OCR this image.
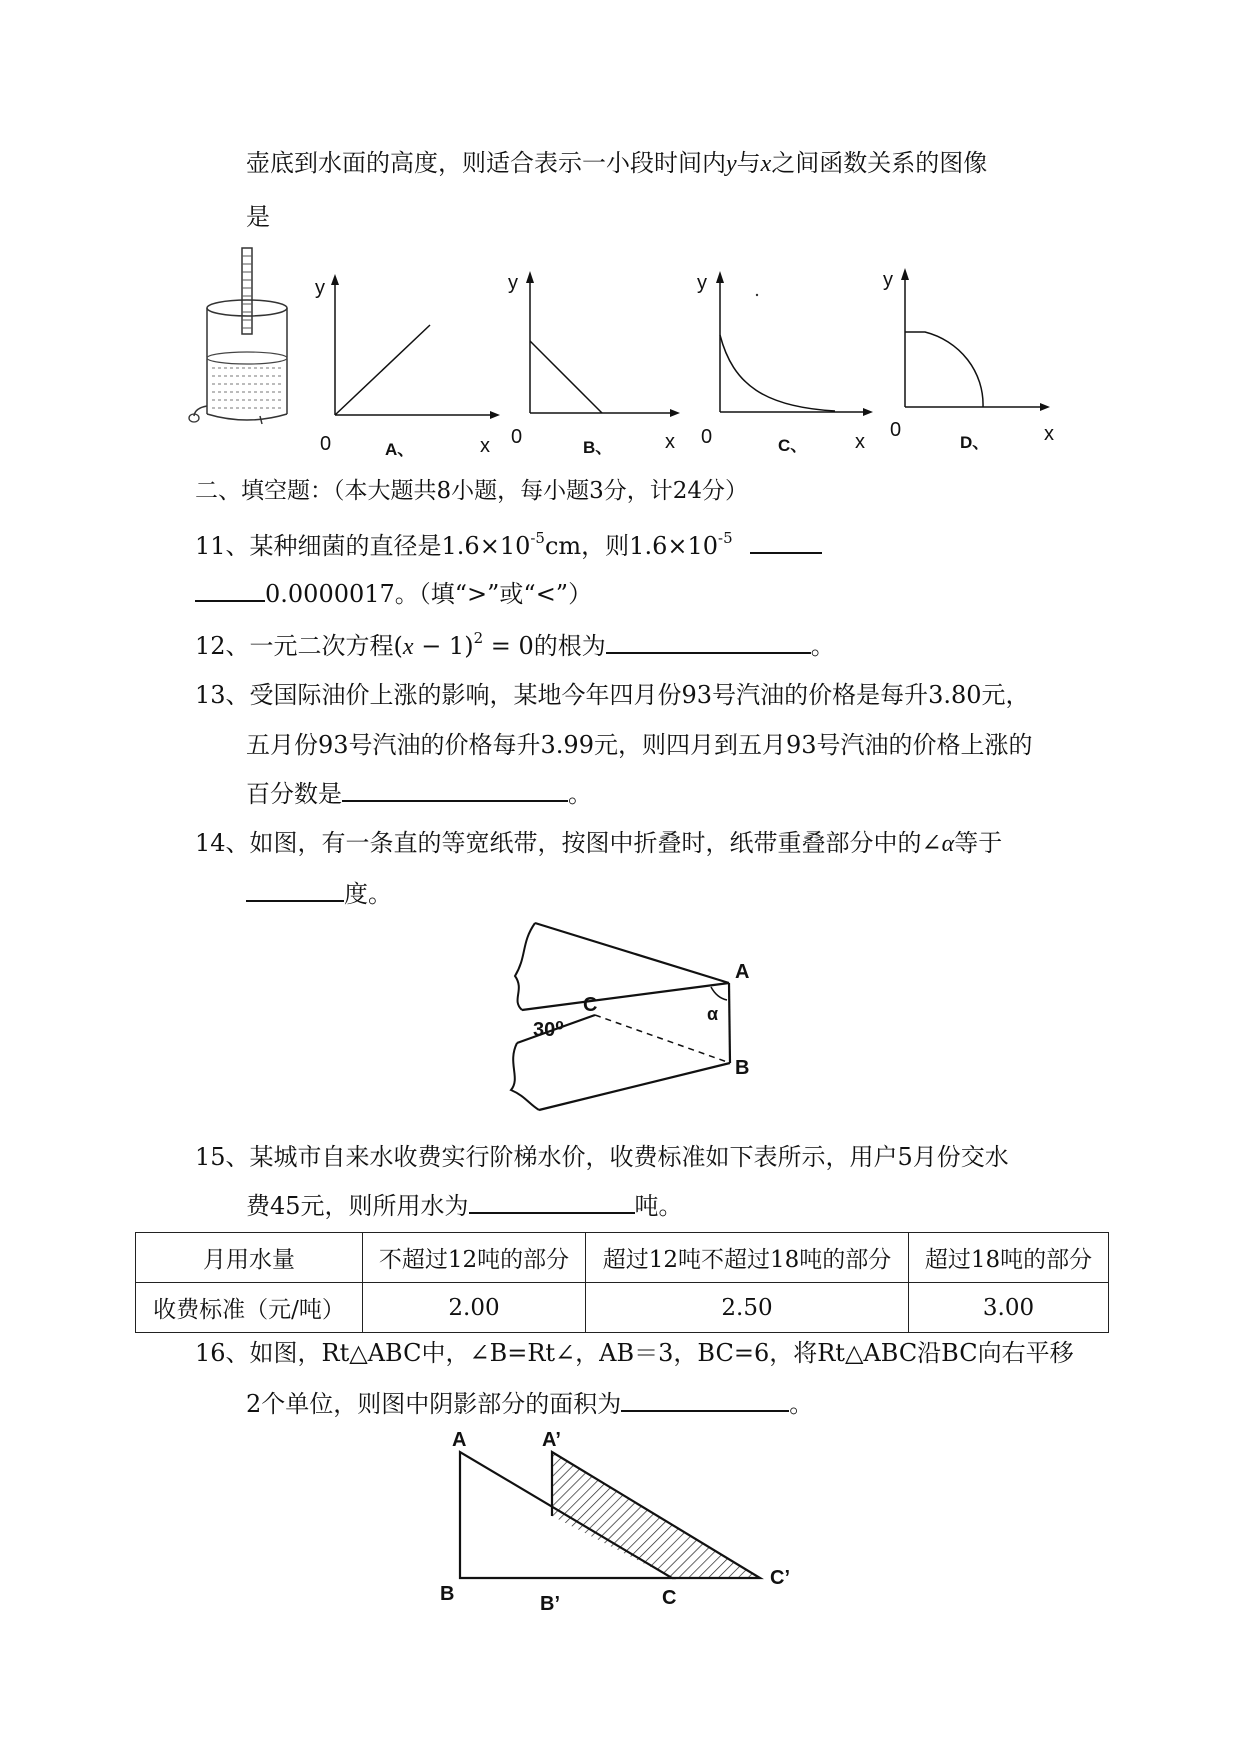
壶底到水面的高度，则适合表示一小段时间内y与x之间函数关系的图像
是
y
0	x
A、
y
0	x
B、
y
0	x
C、
y
0	x
D、
二、填空题：（本大题共8小题，每小题3分，计24分）
11、某种细菌的直径是$1.6\times 10^{-5}cm$，则$1.6\times 10^{-5}$
0.0000017。（填“>”或“<”）
12、一元二次方程$(x - 1)^2 = 0$的根为	。
13、受国际油价上涨的影响，某地今年四月份93号汽油的价格是每升3.80元，
五月份93号汽油的价格每升3.99元，则四月到五月93号汽油的价格上涨的
百分数是	。
14、如图，有一条直的等宽纸带，按图中折叠时，纸带重叠部分中的∠α等于
度。
A
C
B
30⁰
α
15、某城市自来水收费实行阶梯水价，收费标准如下表所示，用户5月份交水
费45元，则所用水为	吨。
月用水量	不超过12吨的部分	超过12吨不超过18吨的部分	超过18吨的部分
收费标准（元/吨）	2.00	2.50	3.00
16、如图，Rt△ABC中，∠B=Rt∠，AB＝3，BC=6，将Rt△ABC沿BC向右平移
2个单位，则图中阴影部分的面积为	。
A	A’
B	B’	C
C’
